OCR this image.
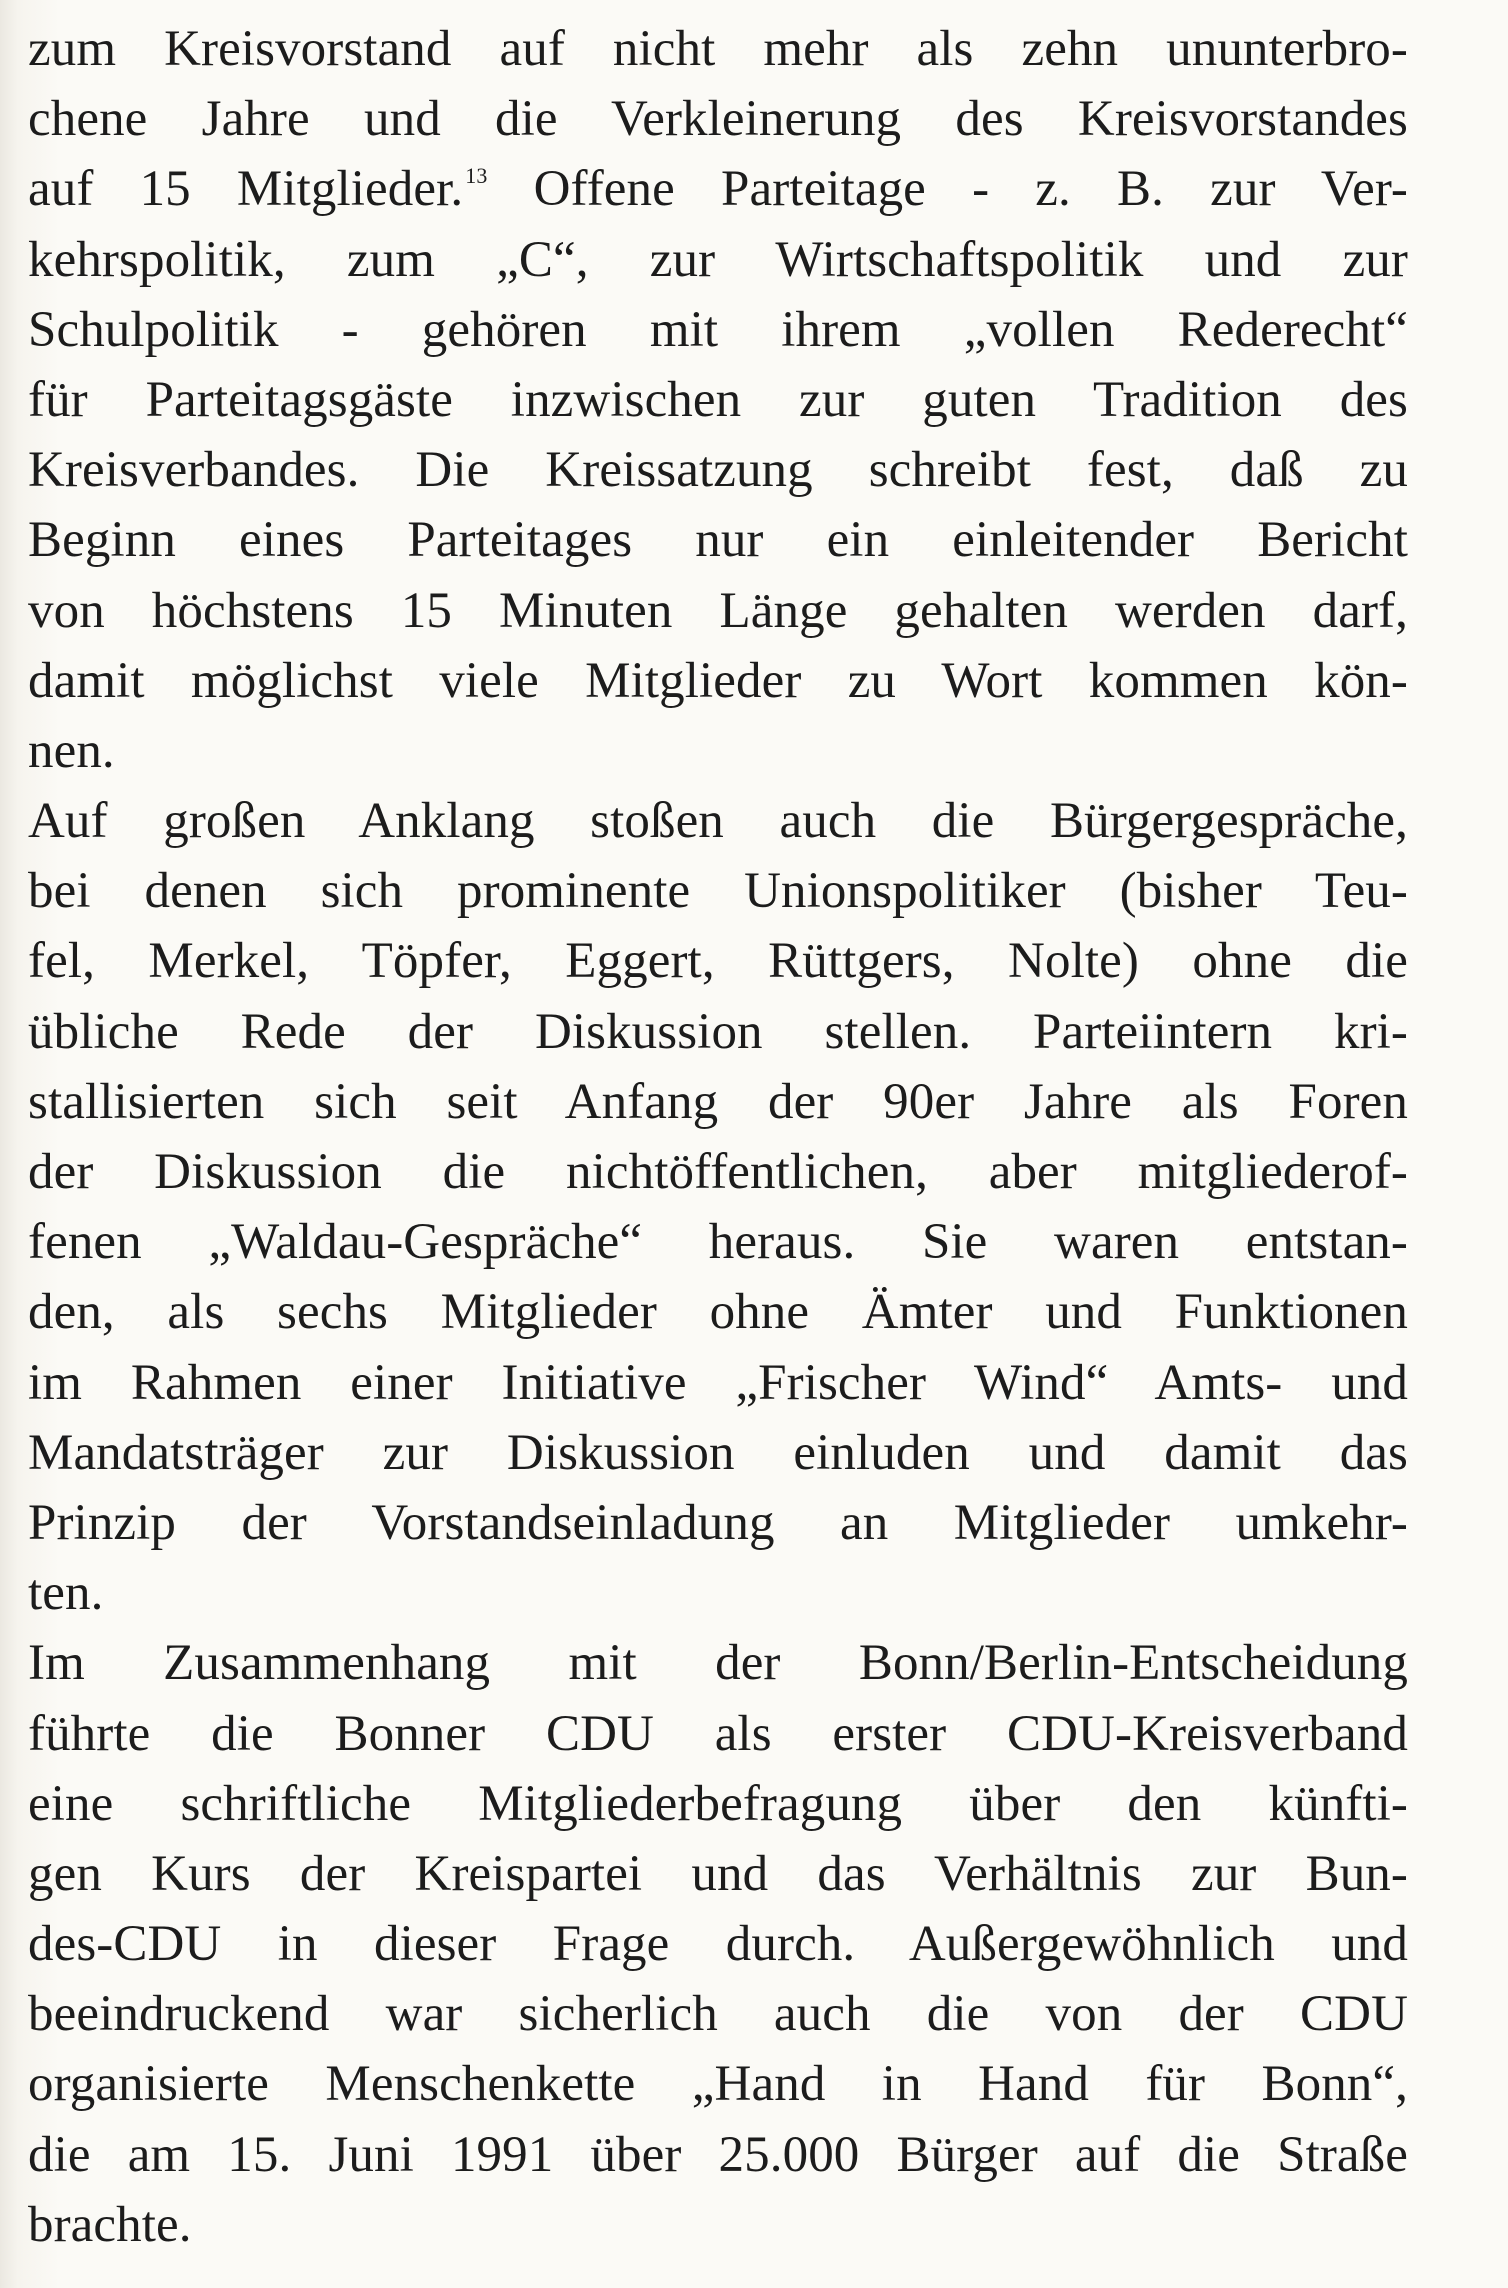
zum Kreisvorstand auf nicht mehr als zehn ununterbro-
chene Jahre und die Verkleinerung des Kreisvorstandes
auf 15 Mitglieder.$^{13}$ Offene Parteitage - z. B. zur Ver-
kehrspolitik, zum „C“, zur Wirtschaftspolitik und zur
Schulpolitik - gehören mit ihrem „vollen Rederecht“
für Parteitagsgäste inzwischen zur guten Tradition des
Kreisverbandes. Die Kreissatzung schreibt fest, daß zu
Beginn eines Parteitages nur ein einleitender Bericht
von höchstens 15 Minuten Länge gehalten werden darf,
damit möglichst viele Mitglieder zu Wort kommen kön-
nen.
Auf großen Anklang stoßen auch die Bürgergespräche,
bei denen sich prominente Unionspolitiker (bisher Teu-
fel, Merkel, Töpfer, Eggert, Rüttgers, Nolte) ohne die
übliche Rede der Diskussion stellen. Parteiintern kri-
stallisierten sich seit Anfang der 90er Jahre als Foren
der Diskussion die nichtöffentlichen, aber mitgliederof-
fenen „Waldau-Gespräche“ heraus. Sie waren entstan-
den, als sechs Mitglieder ohne Ämter und Funktionen
im Rahmen einer Initiative „Frischer Wind“ Amts- und
Mandatsträger zur Diskussion einluden und damit das
Prinzip der Vorstandseinladung an Mitglieder umkehr-
ten.
Im Zusammenhang mit der Bonn/Berlin-Entscheidung
führte die Bonner CDU als erster CDU-Kreisverband
eine schriftliche Mitgliederbefragung über den künfti-
gen Kurs der Kreispartei und das Verhältnis zur Bun-
des-CDU in dieser Frage durch. Außergewöhnlich und
beeindruckend war sicherlich auch die von der CDU
organisierte Menschenkette „Hand in Hand für Bonn“,
die am 15. Juni 1991 über 25.000 Bürger auf die Straße
brachte.
